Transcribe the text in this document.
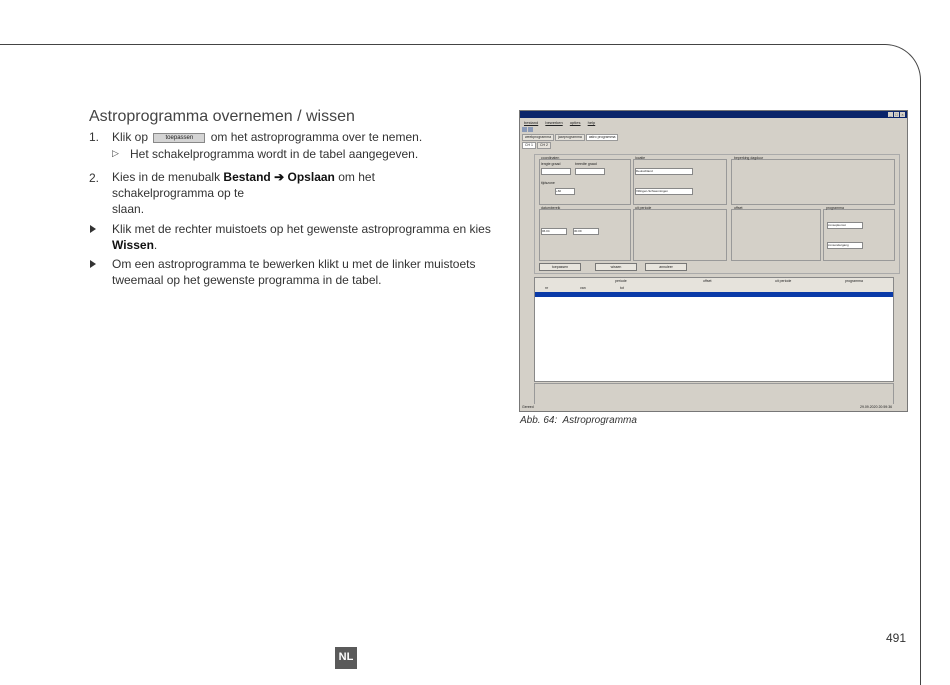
Astroprogramma overnemen / wissen
1. Klik op	toepassen om het astroprogramma over te nemen.
▷ Het schakelprogramma wordt in de tabel aangegeven.
2. Kies in de menubalk Bestand ➔ Opslaan om het schakelprogramma op te
slaan.
Klik met de rechter muistoets op het gewenste astroprogramma en kies
Wissen.
Om een astroprogramma te bewerken klikt u met de linker muistoets
tweemaal op het gewenste programma in de tabel.
_ □ ×
bestand bewerken opties help
weekprogramma jaarprogramma astro programma
CH 1 CH 2
coordinaten
lengte graad	breedte graad
tijdszone
+60
locatie
Deutschland
Villingen-Schwenningen
beperking dagduur
datumbereik
06.04	30.09
uit periode	offset	programma
zonsopkomst
zonsondergang
toepassen	wissen	annuleer
nr	van	tot
periode	offset	uit periode	programma
Gereed	29.09.2020 20:59:36
Abb. 64: Astroprogramma
491
NL
